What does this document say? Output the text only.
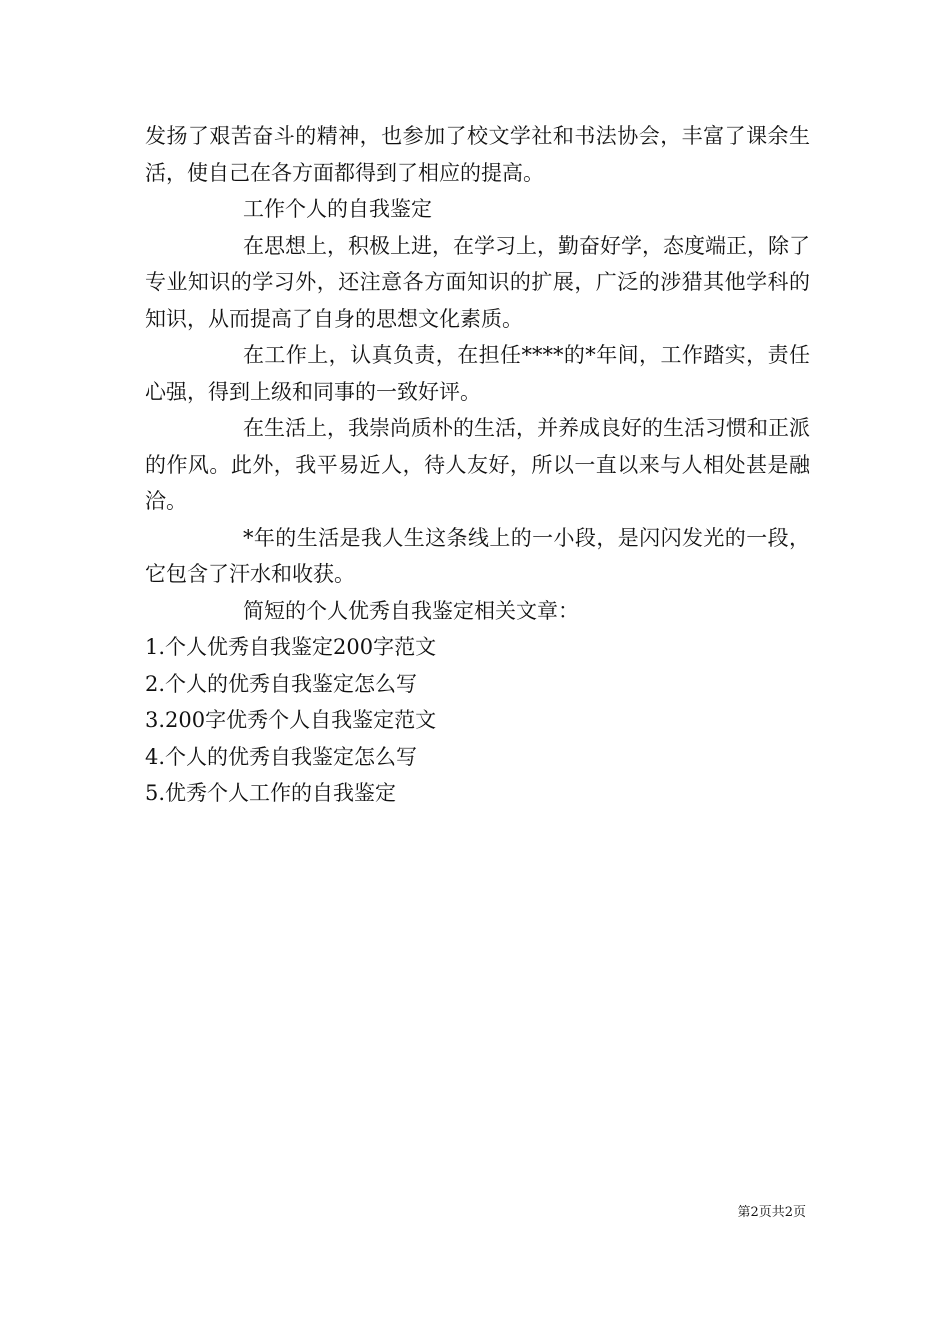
发扬了艰苦奋斗的精神，也参加了校文学社和书法协会，丰富了课余生活，使自己在各方面都得到了相应的提高。

工作个人的自我鉴定

在思想上，积极上进，在学习上，勤奋好学，态度端正，除了专业知识的学习外，还注意各方面知识的扩展，广泛的涉猎其他学科的知识，从而提高了自身的思想文化素质。

在工作上，认真负责，在担任****的*年间，工作踏实，责任心强，得到上级和同事的一致好评。

在生活上，我崇尚质朴的生活，并养成良好的生活习惯和正派的作风。此外，我平易近人，待人友好，所以一直以来与人相处甚是融洽。

*年的生活是我人生这条线上的一小段，是闪闪发光的一段，它包含了汗水和收获。

简短的个人优秀自我鉴定相关文章：

1.个人优秀自我鉴定200字范文

2.个人的优秀自我鉴定怎么写

3.200字优秀个人自我鉴定范文

4.个人的优秀自我鉴定怎么写

5.优秀个人工作的自我鉴定

第2页共2页
